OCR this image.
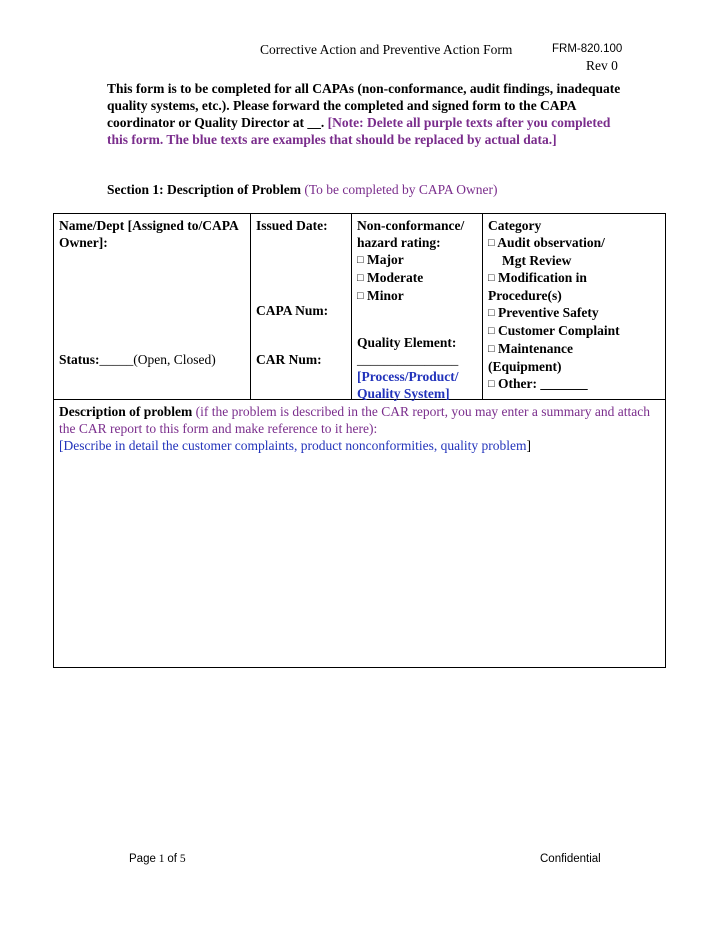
Corrective Action and Preventive Action Form	FRM-820.100
Rev 0
This form is to be completed for all CAPAs (non-conformance, audit findings, inadequate quality systems, etc.). Please forward the completed and signed form to the CAPA coordinator or Quality Director at __. [Note: Delete all purple texts after you completed this form. The blue texts are examples that should be replaced by actual data.]
Section 1: Description of Problem (To be completed by CAPA Owner)
Name/Dept [Assigned to/CAPA Owner]:
Status:_____(Open, Closed)

Issued Date:
CAPA Num:
CAR Num:

Non-conformance/ hazard rating:
□ Major
□ Moderate
□ Minor
Quality Element:
_______________
[Process/Product/ Quality System]

Category
□ Audit observation/
Mgt Review
□ Modification in
Procedure(s)
□ Preventive Safety
□ Customer Complaint
□ Maintenance
(Equipment)
□ Other: _______

Description of problem (if the problem is described in the CAR report, you may enter a summary and attach the CAR report to this form and make reference to it here):
[Describe in detail the customer complaints, product nonconformities, quality problem]
Page 1 of 5	Confidential
